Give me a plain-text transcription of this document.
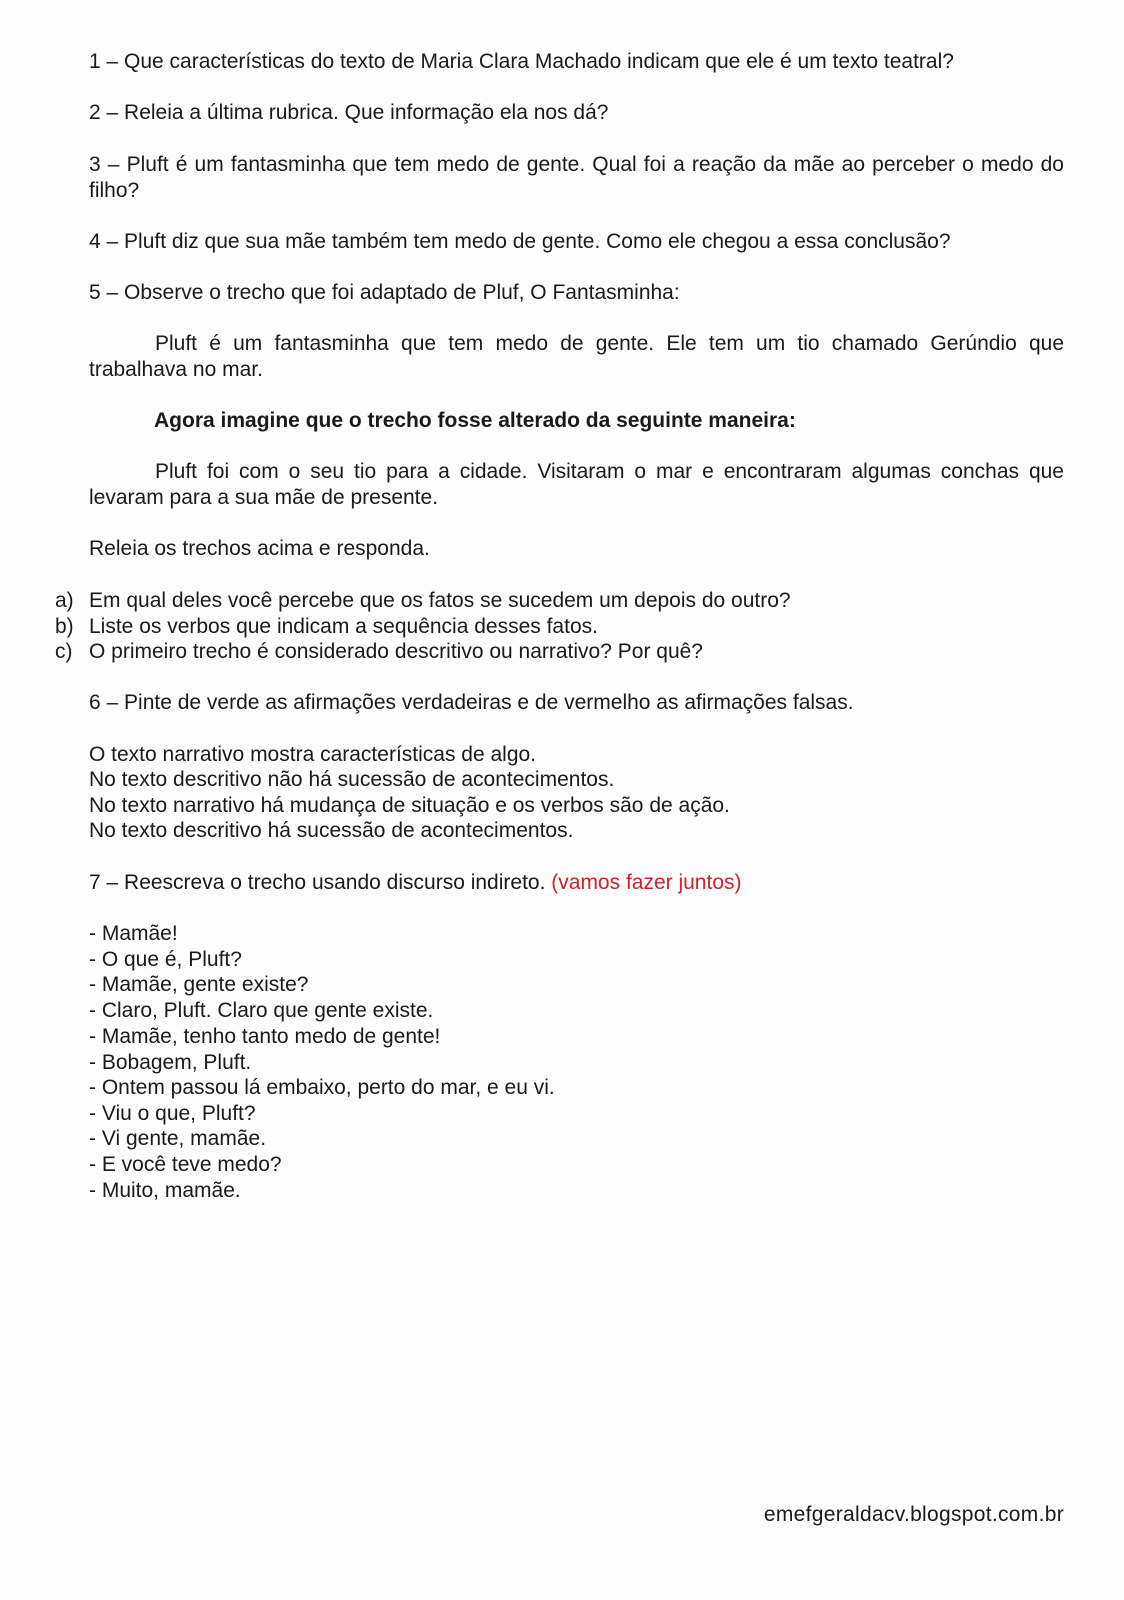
1 – Que características do texto de Maria Clara Machado indicam que ele é um texto teatral?

2 – Releia a última rubrica. Que informação ela nos dá?

3 – Pluft é um fantasminha que tem medo de gente. Qual foi a reação da mãe ao perceber o medo do filho?

4 – Pluft diz que sua mãe também tem medo de gente. Como ele chegou a essa conclusão?

5 – Observe o trecho que foi adaptado de Pluf, O Fantasminha:

Pluft é um fantasminha que tem medo de gente. Ele tem um tio chamado Gerúndio que trabalhava no mar.

Agora imagine que o trecho fosse alterado da seguinte maneira:

Pluft foi com o seu tio para a cidade. Visitaram o mar e encontraram algumas conchas que levaram para a sua mãe de presente.

Releia os trechos acima e responda.

a) Em qual deles você percebe que os fatos se sucedem um depois do outro?

b) Liste os verbos que indicam a sequência desses fatos.

c) O primeiro trecho é considerado descritivo ou narrativo? Por quê?

6 – Pinte de verde as afirmações verdadeiras e de vermelho as afirmações falsas.

O texto narrativo mostra características de algo.

No texto descritivo não há sucessão de acontecimentos.

No texto narrativo há mudança de situação e os verbos são de ação.

No texto descritivo há sucessão de acontecimentos.

7 – Reescreva o trecho usando discurso indireto. (vamos fazer juntos)

- Mamãe!

- O que é, Pluft?

- Mamãe, gente existe?

- Claro, Pluft. Claro que gente existe.

- Mamãe, tenho tanto medo de gente!

- Bobagem, Pluft.

- Ontem passou lá embaixo, perto do mar, e eu vi.

- Viu o que, Pluft?

- Vi gente, mamãe.

- E você teve medo?

- Muito, mamãe.

emefgeraldacv.blogspot.com.br
